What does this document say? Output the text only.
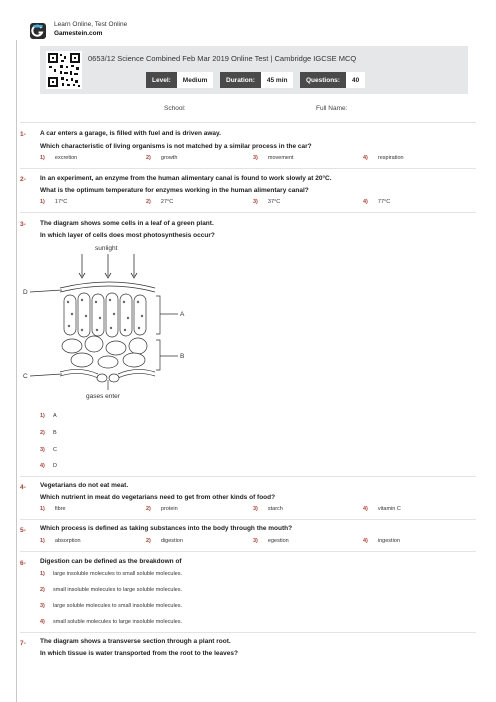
Learn Online, Test Online
Gamestein.com
0653/12 Science Combined Feb Mar 2019 Online Test | Cambridge IGCSE MCQ
Level:	Medium	Duration:	45 min	Questions:	40
School:	Full Name:
1- A car enters a garage, is filled with fuel and is driven away.
Which characteristic of living organisms is not matched by a similar process in the car?
1) excretion	2) growth	3) movement	4) respiration
2- In an experiment, an enzyme from the human alimentary canal is found to work slowly at 20°C.
What is the optimum temperature for enzymes working in the human alimentary canal?
1) 17°C	2) 27°C	3) 37°C	4) 77°C
3- The diagram shows some cells in a leaf of a green plant.
In which layer of cells does most photosynthesis occur?
sunlight
D
A
B
C
gases enter
1) A
2) B
3) C
4) D
4- Vegetarians do not eat meat.
Which nutrient in meat do vegetarians need to get from other kinds of food?
1) fibre	2) protein	3) starch	4) vitamin C
5- Which process is defined as taking substances into the body through the mouth?
1) absorption	2) digestion	3) egestion	4) ingestion
6- Digestion can be defined as the breakdown of
1) large insoluble molecules to small soluble molecules.
2) small insoluble molecules to large soluble molecules.
3) large soluble molecules to small insoluble molecules.
4) small soluble molecules to large insoluble molecules.
7- The diagram shows a transverse section through a plant root.
In which tissue is water transported from the root to the leaves?
